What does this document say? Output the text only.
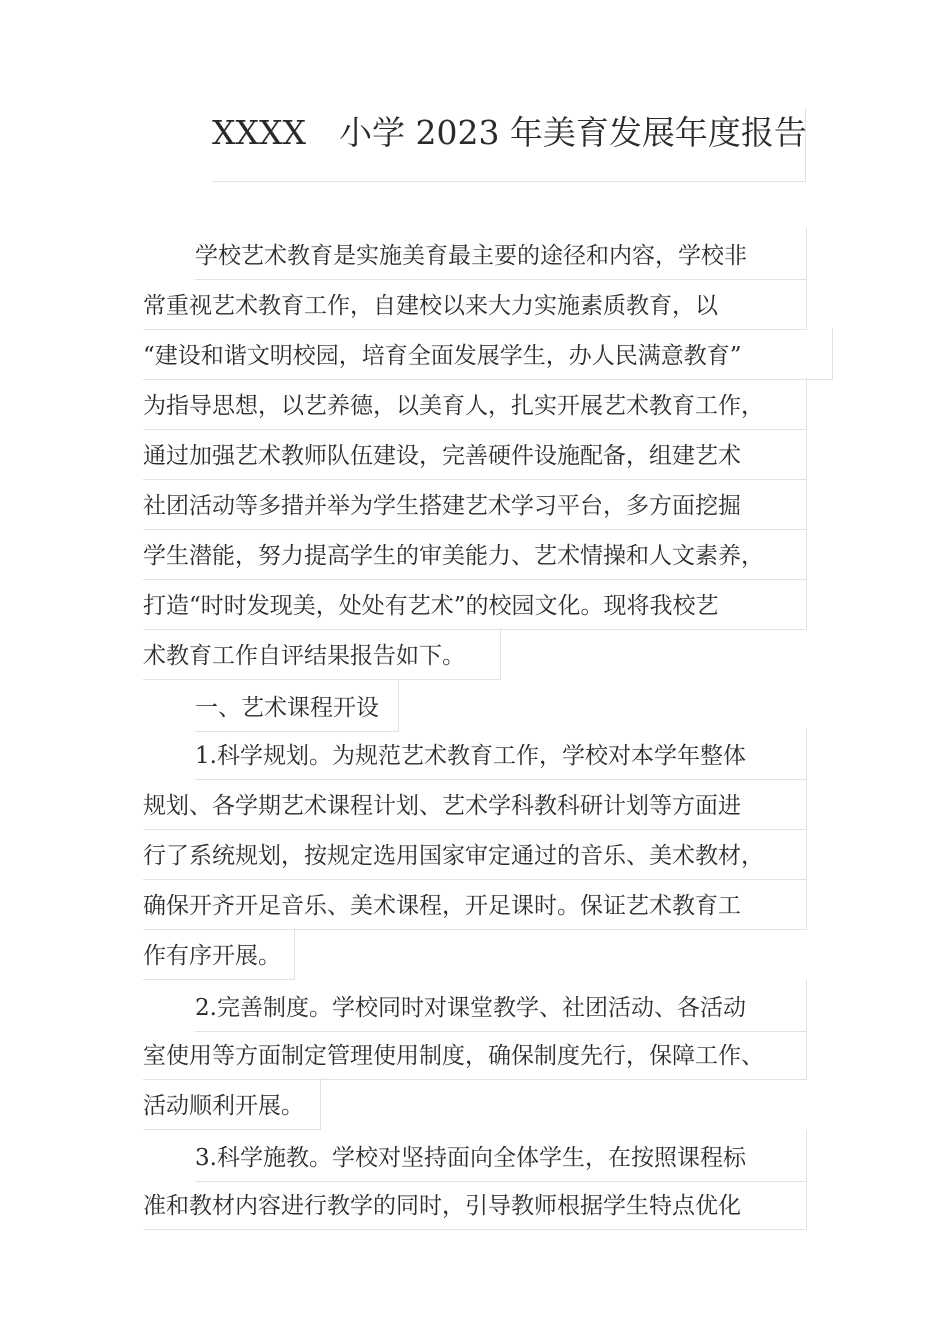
XXXX　小学 2023 年美育发展年度报告
学校艺术教育是实施美育最主要的途径和内容，学校非
常重视艺术教育工作，自建校以来大力实施素质教育，以
“建设和谐文明校园，培育全面发展学生，办人民满意教育”
为指导思想，以艺养德，以美育人，扎实开展艺术教育工作，
通过加强艺术教师队伍建设，完善硬件设施配备，组建艺术
社团活动等多措并举为学生搭建艺术学习平台，多方面挖掘
学生潜能，努力提高学生的审美能力、艺术情操和人文素养，
打造“时时发现美，处处有艺术”的校园文化。现将我校艺
术教育工作自评结果报告如下。
一、艺术课程开设
1.科学规划。为规范艺术教育工作，学校对本学年整体
规划、各学期艺术课程计划、艺术学科教科研计划等方面进
行了系统规划，按规定选用国家审定通过的音乐、美术教材，
确保开齐开足音乐、美术课程，开足课时。保证艺术教育工
作有序开展。
2.完善制度。学校同时对课堂教学、社团活动、各活动
室使用等方面制定管理使用制度，确保制度先行，保障工作、
活动顺利开展。
3.科学施教。学校对坚持面向全体学生，在按照课程标
准和教材内容进行教学的同时，引导教师根据学生特点优化
